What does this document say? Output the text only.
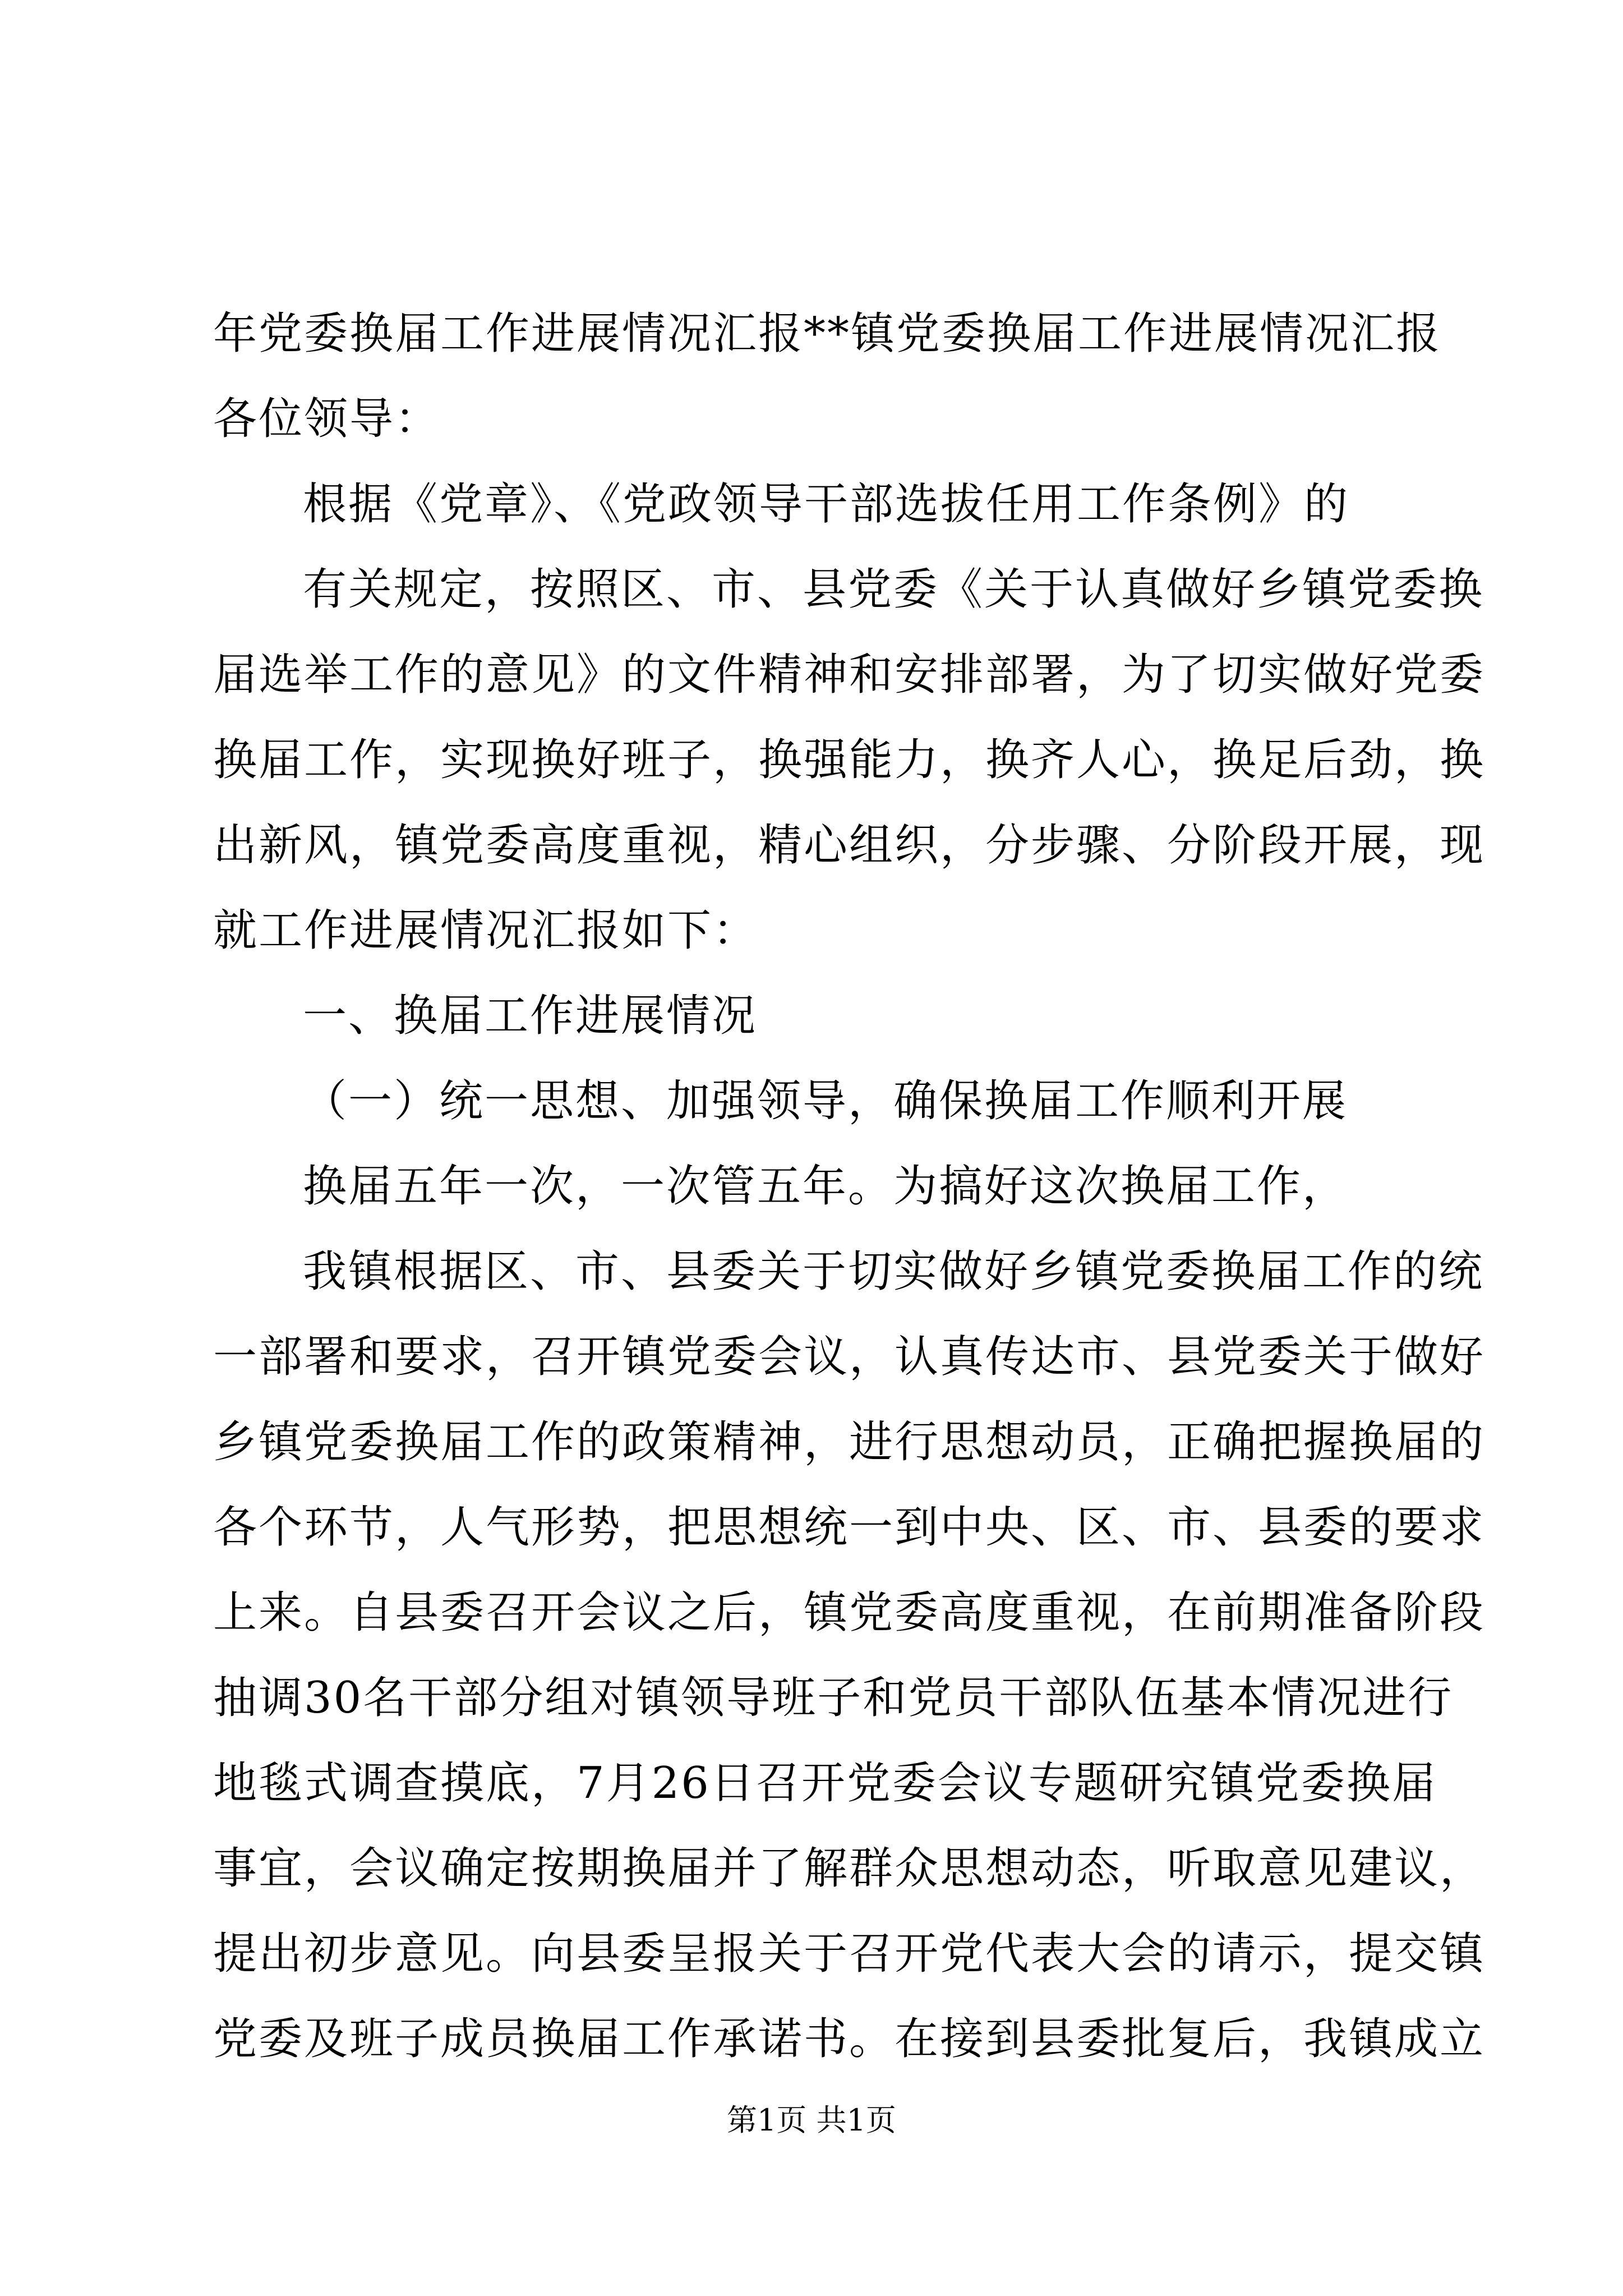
年党委换届工作进展情况汇报**镇党委换届工作进展情况汇报

各位领导：

根据《党章》、《党政领导干部选拔任用工作条例》的

有关规定，按照区、市、县党委《关于认真做好乡镇党委换

届选举工作的意见》的文件精神和安排部署，为了切实做好党委

换届工作，实现换好班子，换强能力，换齐人心，换足后劲，换

出新风，镇党委高度重视，精心组织，分步骤、分阶段开展，现

就工作进展情况汇报如下：

一、换届工作进展情况

（一）统一思想、加强领导，确保换届工作顺利开展

换届五年一次，一次管五年。为搞好这次换届工作，

我镇根据区、市、县委关于切实做好乡镇党委换届工作的统

一部署和要求，召开镇党委会议，认真传达市、县党委关于做好

乡镇党委换届工作的政策精神，进行思想动员，正确把握换届的

各个环节，人气形势，把思想统一到中央、区、市、县委的要求

上来。自县委召开会议之后，镇党委高度重视，在前期准备阶段

抽调30名干部分组对镇领导班子和党员干部队伍基本情况进行

地毯式调查摸底，7月26日召开党委会议专题研究镇党委换届

事宜，会议确定按期换届并了解群众思想动态，听取意见建议，

提出初步意见。向县委呈报关于召开党代表大会的请示，提交镇

党委及班子成员换届工作承诺书。在接到县委批复后，我镇成立

第1页 共1页
